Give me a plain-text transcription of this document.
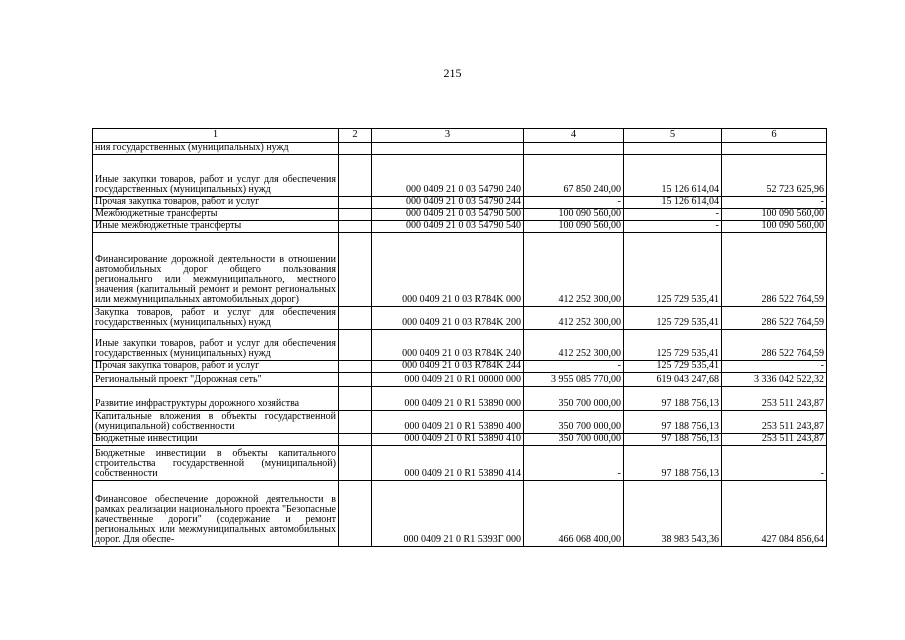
215
1	2	3	4	5	6
ния государственных (муниципальных) нужд					
Иные закупки товаров, работ и услуг для обеспечения государственных (муниципальных) нужд		000 0409 21 0 03 54790 240	67 850 240,00	15 126 614,04	52 723 625,96
Прочая закупка товаров, работ и услуг		000 0409 21 0 03 54790 244	-	15 126 614,04	-
Межбюджетные трансферты		000 0409 21 0 03 54790 500	100 090 560,00	-	100 090 560,00
Иные межбюджетные трансферты		000 0409 21 0 03 54790 540	100 090 560,00	-	100 090 560,00
Финансирование дорожной деятельности в отношении автомобильных дорог общего пользования региональнго или межмуниципального, местного значения (капитальный ремонт и ремонт региональных или межмуниципальных автомобильных дорог)		000 0409 21 0 03 R784K 000	412 252 300,00	125 729 535,41	286 522 764,59
Закупка товаров, работ и услуг для обеспечения государственных (муниципальных) нужд		000 0409 21 0 03 R784K 200	412 252 300,00	125 729 535,41	286 522 764,59
Иные закупки товаров, работ и услуг для обеспечения государственных (муниципальных) нужд		000 0409 21 0 03 R784K 240	412 252 300,00	125 729 535,41	286 522 764,59
Прочая закупка товаров, работ и услуг		000 0409 21 0 03 R784K 244	-	125 729 535,41	-
Региональный проект "Дорожная сеть"		000 0409 21 0 R1 00000 000	3 955 085 770,00	619 043 247,68	3 336 042 522,32
Развитие инфраструктуры дорожного хозяйства		000 0409 21 0 R1 53890 000	350 700 000,00	97 188 756,13	253 511 243,87
Капитальные вложения в объекты государственной (муниципальной) собственности		000 0409 21 0 R1 53890 400	350 700 000,00	97 188 756,13	253 511 243,87
Бюджетные инвестиции		000 0409 21 0 R1 53890 410	350 700 000,00	97 188 756,13	253 511 243,87
Бюджетные инвестиции в объекты капитального строительства государственной (муниципальной) собственности		000 0409 21 0 R1 53890 414	-	97 188 756,13	-
Финансовое обеспечение дорожной деятельности в рамках реализации национального проекта "Безопасные качественные дороги" (содержание и ремонт региональных или межмуниципальных автомобильных дорог. Для обеспе-		000 0409 21 0 R1 5393Г 000	466 068 400,00	38 983 543,36	427 084 856,64
